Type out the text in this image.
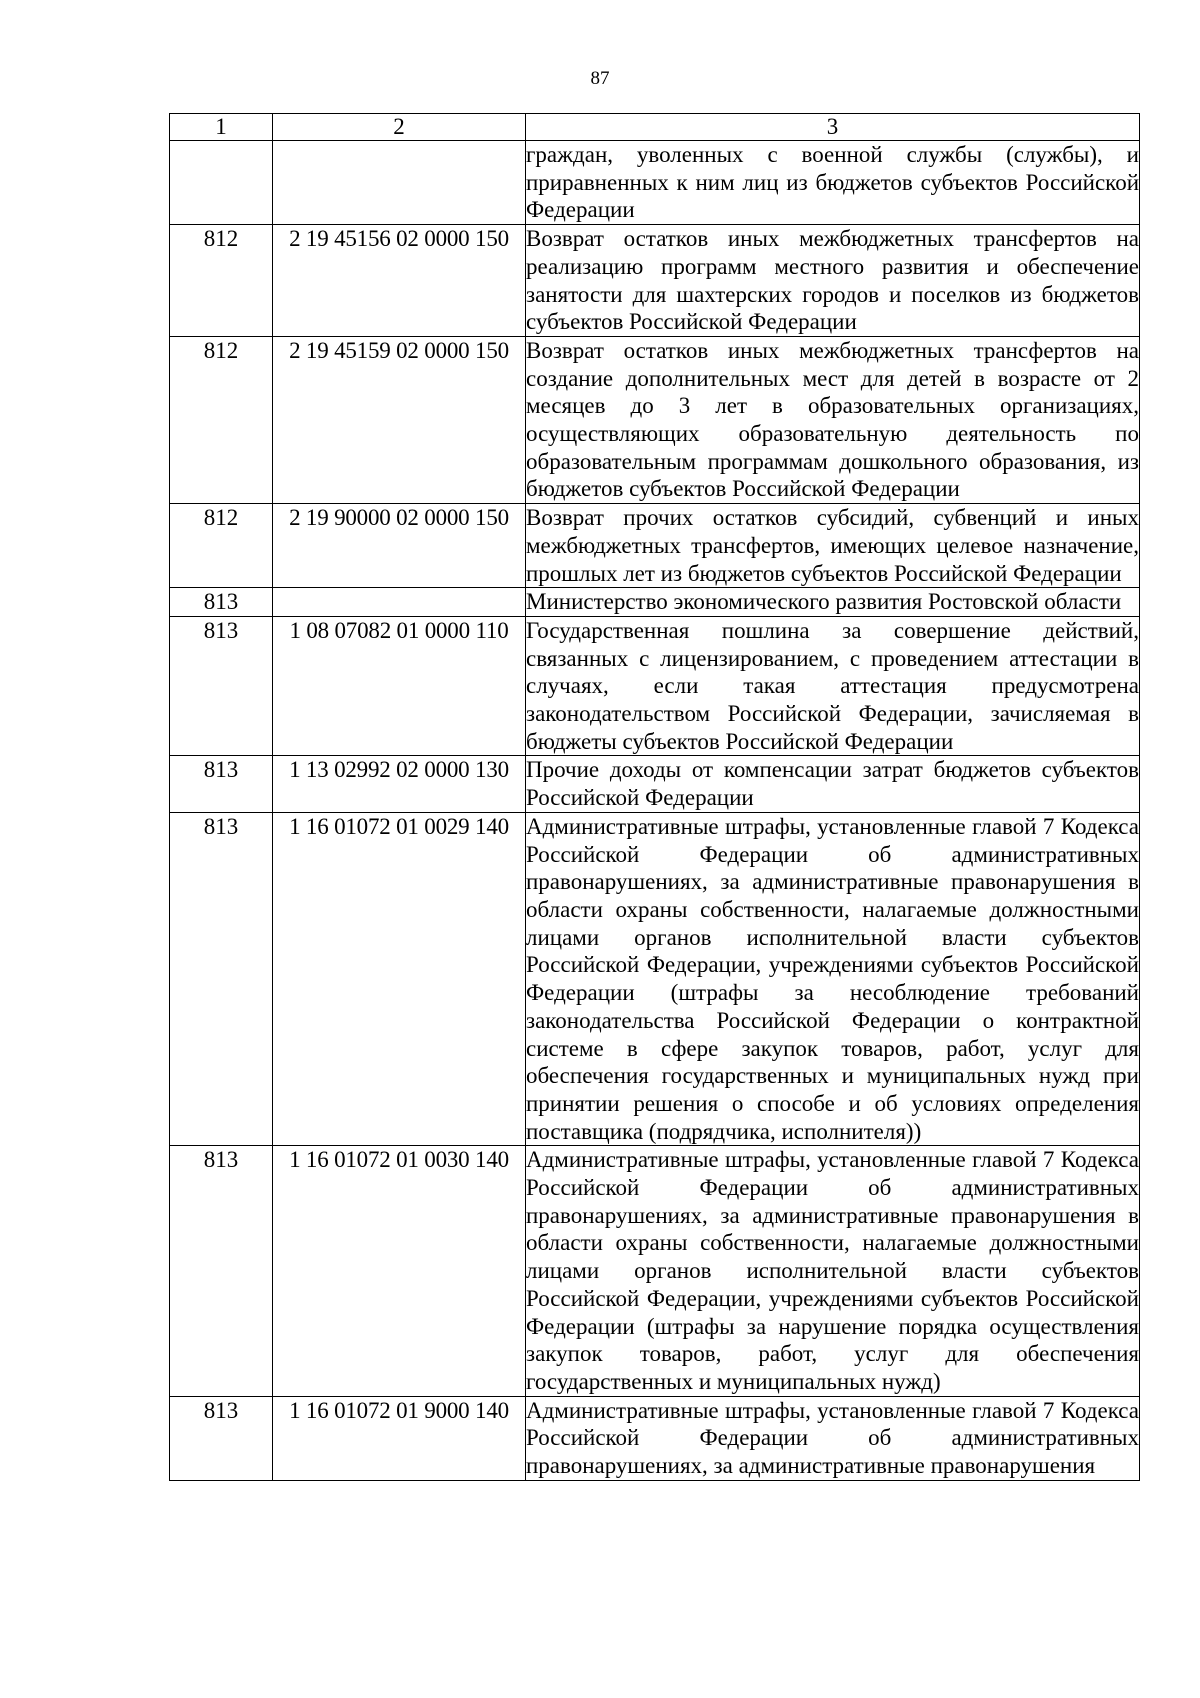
87
1	2	3
		граждан, уволенных с военной службы (службы), и приравненных к ним лиц из бюджетов субъектов Российской Федерации
812	2 19 45156 02 0000 150	Возврат остатков иных межбюджетных трансфертов на реализацию программ местного развития и обеспечение занятости для шахтерских городов и поселков из бюджетов субъектов Российской Федерации
812	2 19 45159 02 0000 150	Возврат остатков иных межбюджетных трансфертов на создание дополнительных мест для детей в возрасте от 2 месяцев до 3 лет в образовательных организациях, осуществляющих образовательную деятельность по образовательным программам дошкольного образования, из бюджетов субъектов Российской Федерации
812	2 19 90000 02 0000 150	Возврат прочих остатков субсидий, субвенций и иных межбюджетных трансфертов, имеющих целевое назначение, прошлых лет из бюджетов субъектов Российской Федерации
813		Министерство экономического развития Ростовской области
813	1 08 07082 01 0000 110	Государственная пошлина за совершение действий, связанных с лицензированием, с проведением аттестации в случаях, если такая аттестация предусмотрена законодательством Российской Федерации, зачисляемая в бюджеты субъектов Российской Федерации
813	1 13 02992 02 0000 130	Прочие доходы от компенсации затрат бюджетов субъектов Российской Федерации
813	1 16 01072 01 0029 140	Административные штрафы, установленные главой 7 Кодекса Российской Федерации об административных правонарушениях, за административные правонарушения в области охраны собственности, налагаемые должностными лицами органов исполнительной власти субъектов Российской Федерации, учреждениями субъектов Российской Федерации (штрафы за несоблюдение требований законодательства Российской Федерации о контрактной системе в сфере закупок товаров, работ, услуг для обеспечения государственных и муниципальных нужд при принятии решения о способе и об условиях определения поставщика (подрядчика, исполнителя))
813	1 16 01072 01 0030 140	Административные штрафы, установленные главой 7 Кодекса Российской Федерации об административных правонарушениях, за административные правонарушения в области охраны собственности, налагаемые должностными лицами органов исполнительной власти субъектов Российской Федерации, учреждениями субъектов Российской Федерации (штрафы за нарушение порядка осуществления закупок товаров, работ, услуг для обеспечения государственных и муниципальных нужд)
813	1 16 01072 01 9000 140	Административные штрафы, установленные главой 7 Кодекса Российской Федерации об административных правонарушениях, за административные правонарушения
